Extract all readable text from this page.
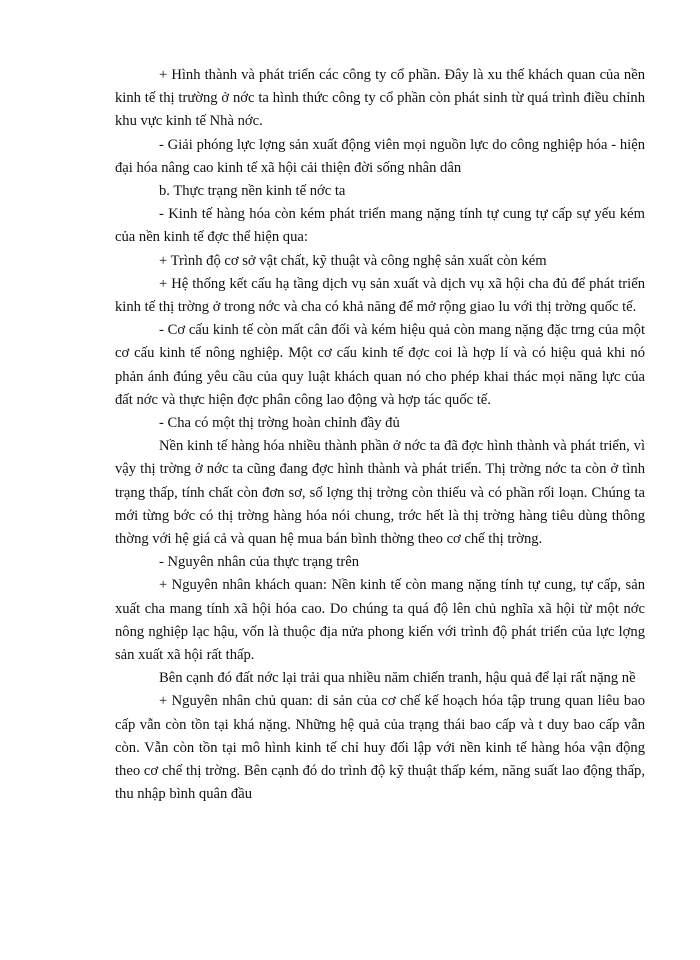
+ Hình thành và phát triển các công ty cổ phần. Đây là xu thế khách quan của nền kinh tế thị trường ở nớc ta hình thức công ty cổ phần còn phát sinh từ quá trình điều chỉnh khu vực kinh tế Nhà nớc.

- Giải phóng lực lợng sản xuất động viên mọi nguồn lực do công nghiệp hóa - hiện đại hóa nâng cao kinh tế xã hội cải thiện đời sống nhân dân

b. Thực trạng nền kinh tế nớc ta

- Kinh tế hàng hóa còn kém phát triển mang nặng tính tự cung tự cấp sự yếu kém của nền kinh tế đợc thể hiện qua:

+ Trình độ cơ sở vật chất, kỹ thuật và công nghệ sản xuất còn kém

+ Hệ thống kết cấu hạ tầng dịch vụ sản xuất và dịch vụ xã hội cha đủ để phát triển kinh tế thị trờng ở trong nớc và cha có khả năng để mở rộng giao lu với thị trờng quốc tế.

- Cơ cấu kinh tế còn mất cân đối và kém hiệu quả còn mang nặng đặc trng của một cơ cấu kinh tế nông nghiệp. Một cơ cấu kinh tế đợc coi là hợp lí và có hiệu quả khi nó phản ánh đúng yêu cầu của quy luật khách quan nó cho phép khai thác mọi năng lực của đất nớc và thực hiện đợc phân công lao động và hợp tác quốc tế.

- Cha có một thị trờng hoàn chỉnh đầy đủ

Nền kinh tế hàng hóa nhiều thành phần ở nớc ta đã đợc hình thành và phát triển, vì vậy thị trờng ở nớc ta cũng đang đợc hình thành và phát triển. Thị trờng nớc ta còn ở tình trạng thấp, tính chất còn đơn sơ, số lợng thị trờng còn thiếu và có phần rối loạn. Chúng ta mới từng bớc có thị trờng hàng hóa nói chung, trớc hết là thị trờng hàng tiêu dùng thông thờng với hệ giá cả và quan hệ mua bán bình thờng theo cơ chế thị trờng.

- Nguyên nhân của thực trạng trên

+ Nguyên nhân khách quan: Nền kinh tế còn mang nặng tính tự cung, tự cấp, sản xuất cha mang tính xã hội hóa cao. Do chúng ta quá độ lên chủ nghĩa xã hội từ một nớc nông nghiệp lạc hậu, vốn là thuộc địa nửa phong kiến với trình độ phát triển của lực lợng sản xuất xã hội rất thấp.

Bên cạnh đó đất nớc lại trải qua nhiều năm chiến tranh, hậu quả để lại rất nặng nề

+ Nguyên nhân chủ quan: di sản của cơ chế kế hoạch hóa tập trung quan liêu bao cấp vẫn còn tồn tại khá nặng. Những hệ quả của trạng thái bao cấp và t duy bao cấp vẫn còn. Vẫn còn tồn tại mô hình kinh tế chỉ huy đối lập với nền kinh tế hàng hóa vận động theo cơ chế thị trờng. Bên cạnh đó do trình độ kỹ thuật thấp kém, năng suất lao động thấp, thu nhập bình quân đầu
